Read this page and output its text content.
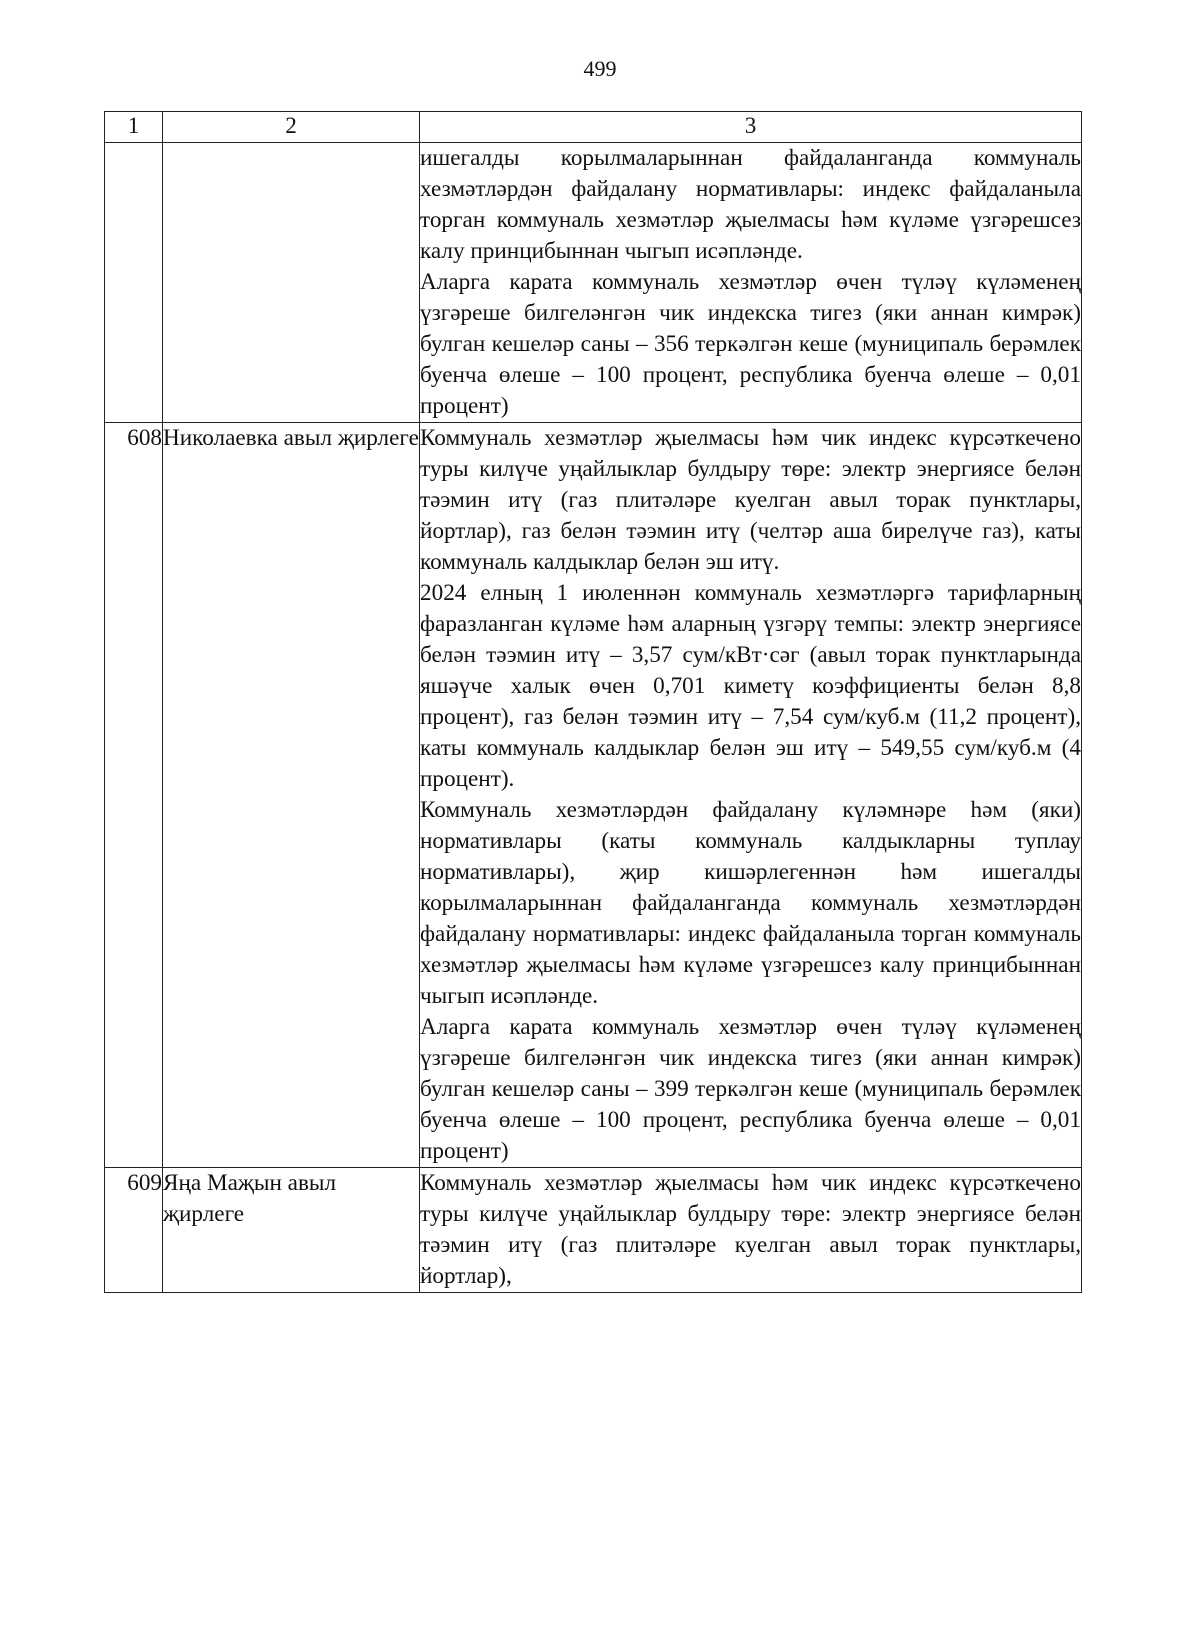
499
1	2	3

		ишегалды корылмаларыннан файдаланганда коммуналь хезмәтләрдән файдалану нормативлары: индекс файдаланыла торган коммуналь хезмәтләр җыелмасы һәм күләме үзгәрешсез калу принцибыннан чыгып исәпләнде.

Аларга карата коммуналь хезмәтләр өчен түләү күләменең үзгәреше билгеләнгән чик индекска тигез (яки аннан кимрәк) булган кешеләр саны – 356 теркәлгән кеше (муниципаль берәмлек буенча өлеше – 100 процент, республика буенча өлеше – 0,01 процент)

608	Николаевка авыл җирлеге	Коммуналь хезмәтләр җыелмасы һәм чик индекс күрсәткечено туры килүче уңайлыклар булдыру төре: электр энергиясе белән тәэмин итү (газ плитәләре куелган авыл торак пунктлары, йортлар), газ белән тәэмин итү (челтәр аша бирелүче газ), каты коммуналь калдыклар белән эш итү.

2024 елның 1 июленнән коммуналь хезмәтләргә тарифларның фаразланган күләме һәм аларның үзгәрү темпы: электр энергиясе белән тәэмин итү – 3,57 сум/кВт·сәг (авыл торак пунктларында яшәүче халык өчен 0,701 киметү коэффициенты белән 8,8 процент), газ белән тәэмин итү – 7,54 сум/куб.м (11,2 процент), каты коммуналь калдыклар белән эш итү – 549,55 сум/куб.м (4 процент).

Коммуналь хезмәтләрдән файдалану күләмнәре һәм (яки) нормативлары (каты коммуналь калдыкларны туплау нормативлары), җир кишәрлегеннән һәм ишегалды корылмаларыннан файдаланганда коммуналь хезмәтләрдән файдалану нормативлары: индекс файдаланыла торган коммуналь хезмәтләр җыелмасы һәм күләме үзгәрешсез калу принцибыннан чыгып исәпләнде.

Аларга карата коммуналь хезмәтләр өчен түләү күләменең үзгәреше билгеләнгән чик индекска тигез (яки аннан кимрәк) булган кешеләр саны – 399 теркәлгән кеше (муниципаль берәмлек буенча өлеше – 100 процент, республика буенча өлеше – 0,01 процент)

609	Яңа Маҗын авыл җирлеге	Коммуналь хезмәтләр җыелмасы һәм чик индекс күрсәткечено туры килүче уңайлыклар булдыру төре: электр энергиясе белән тәэмин итү (газ плитәләре куелган авыл торак пунктлары, йортлар),
